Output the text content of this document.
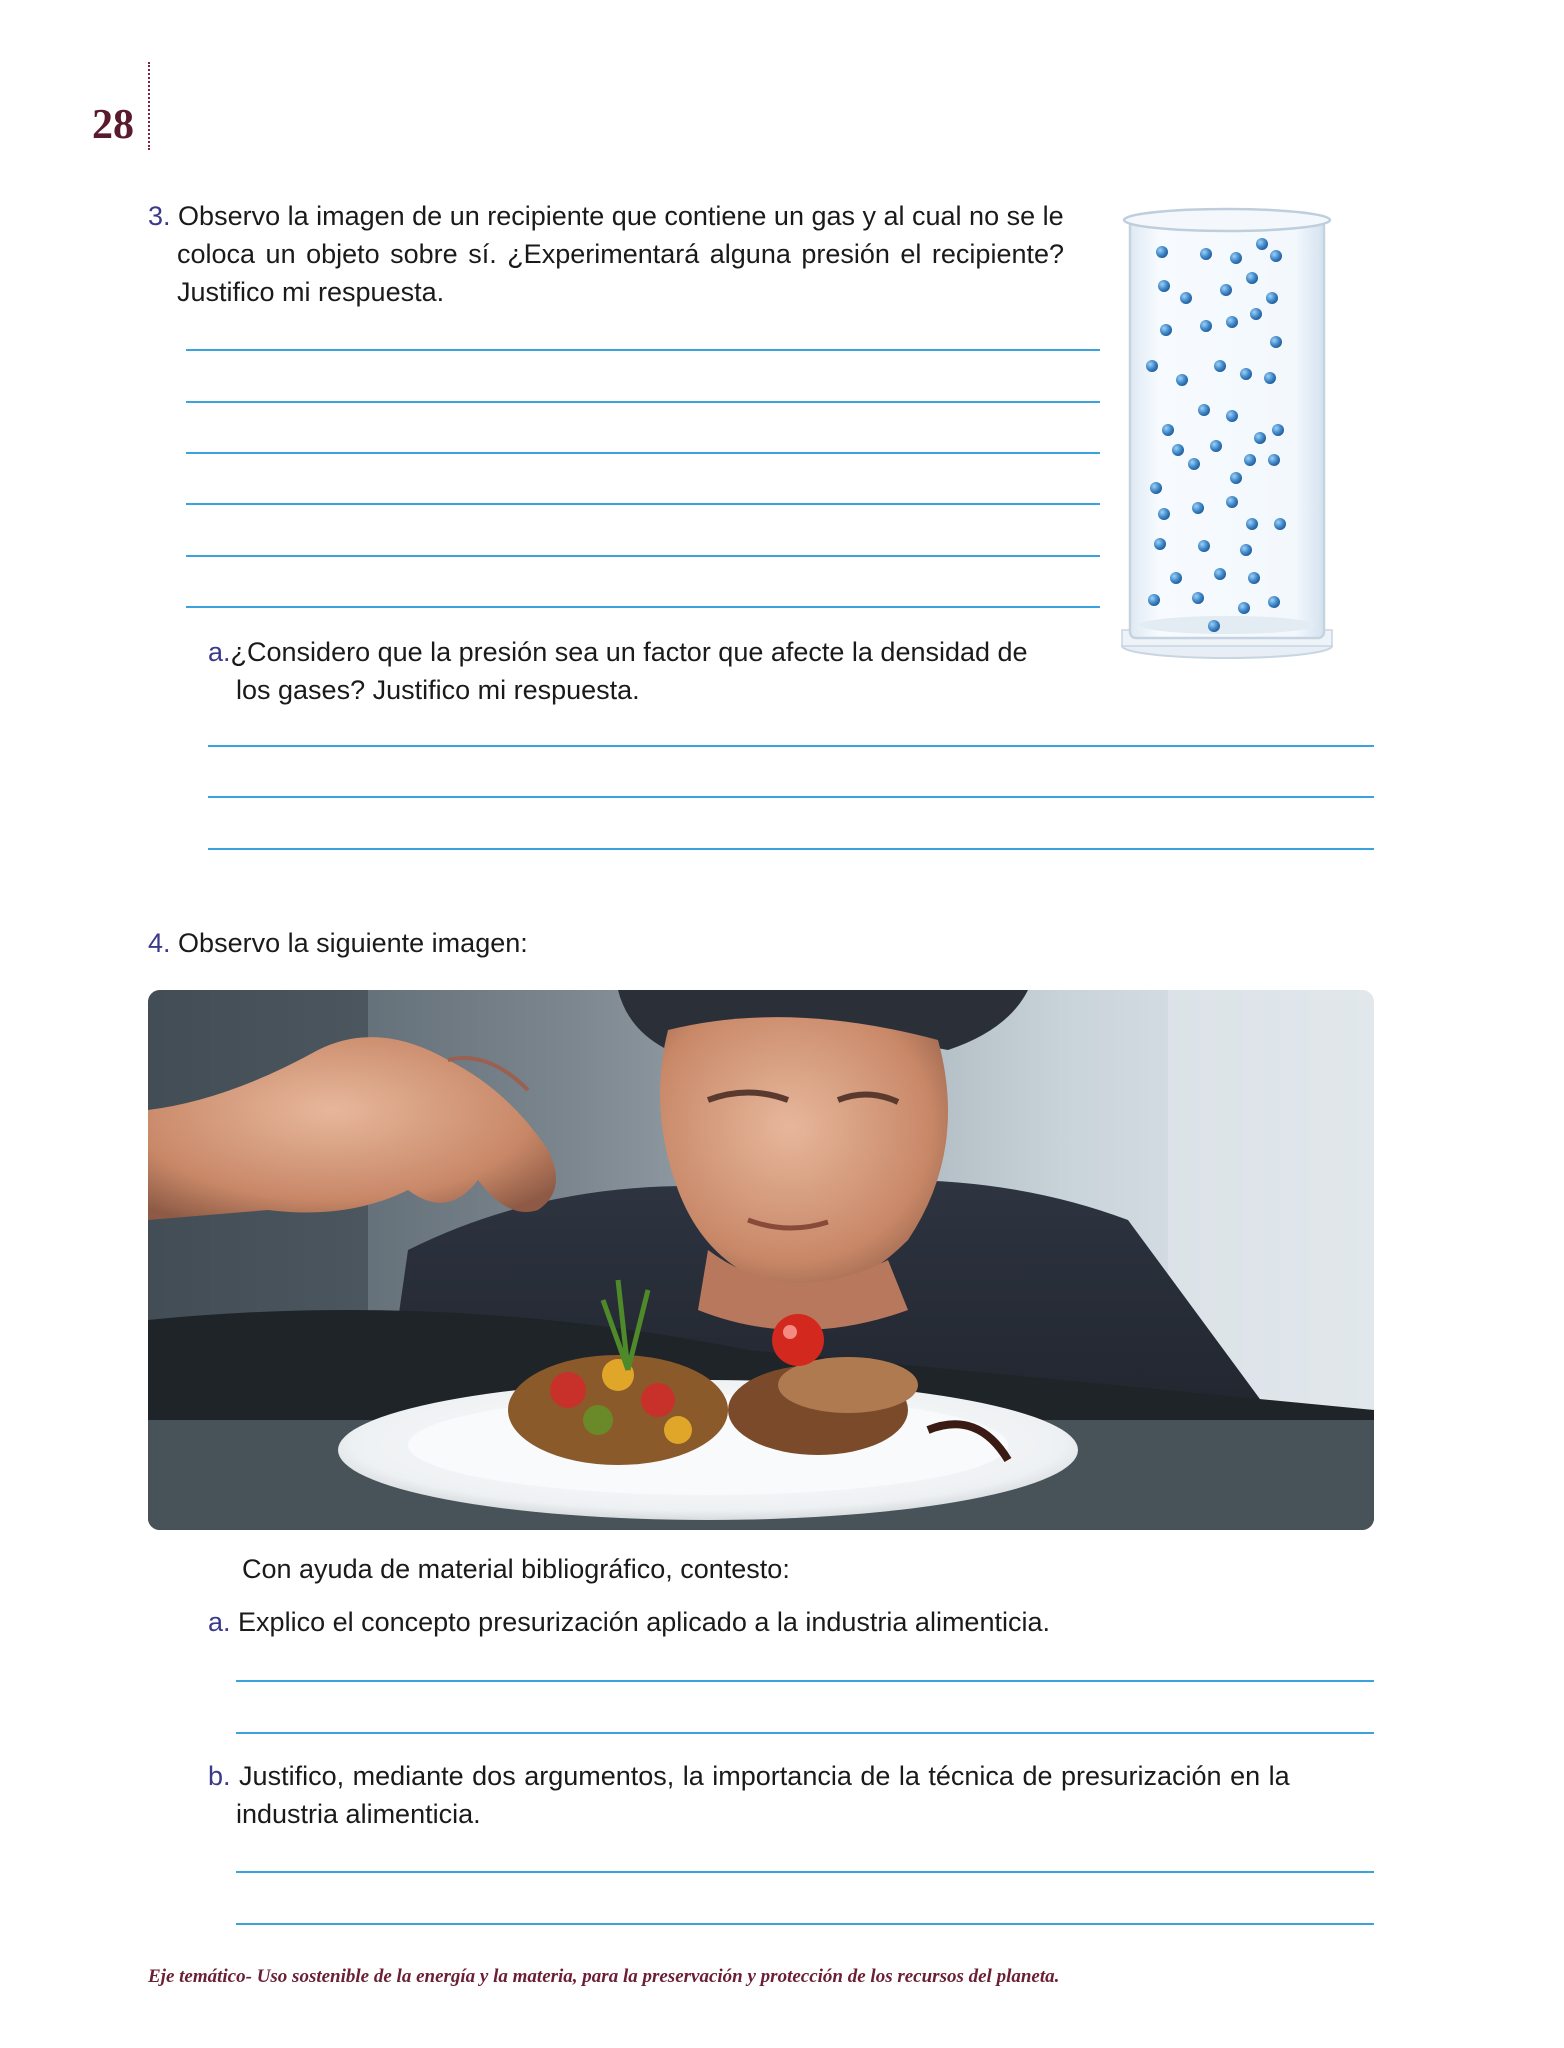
28
3. Observo la imagen de un recipiente que contiene un gas y al cual no se le
coloca un objeto sobre sí. ¿Experimentará alguna presión el recipiente?
Justifico mi respuesta.
a.¿Considero que la presión sea un factor que afecte la densidad de
los gases? Justifico mi respuesta.
4. Observo la siguiente imagen:
Con ayuda de material bibliográfico, contesto:
a. Explico el concepto presurización aplicado a la industria alimenticia.
b. Justifico, mediante dos argumentos, la importancia de la técnica de presurización en la
industria alimenticia.
Eje temático- Uso sostenible de la energía y la materia, para la preservación y protección de los recursos del planeta.
